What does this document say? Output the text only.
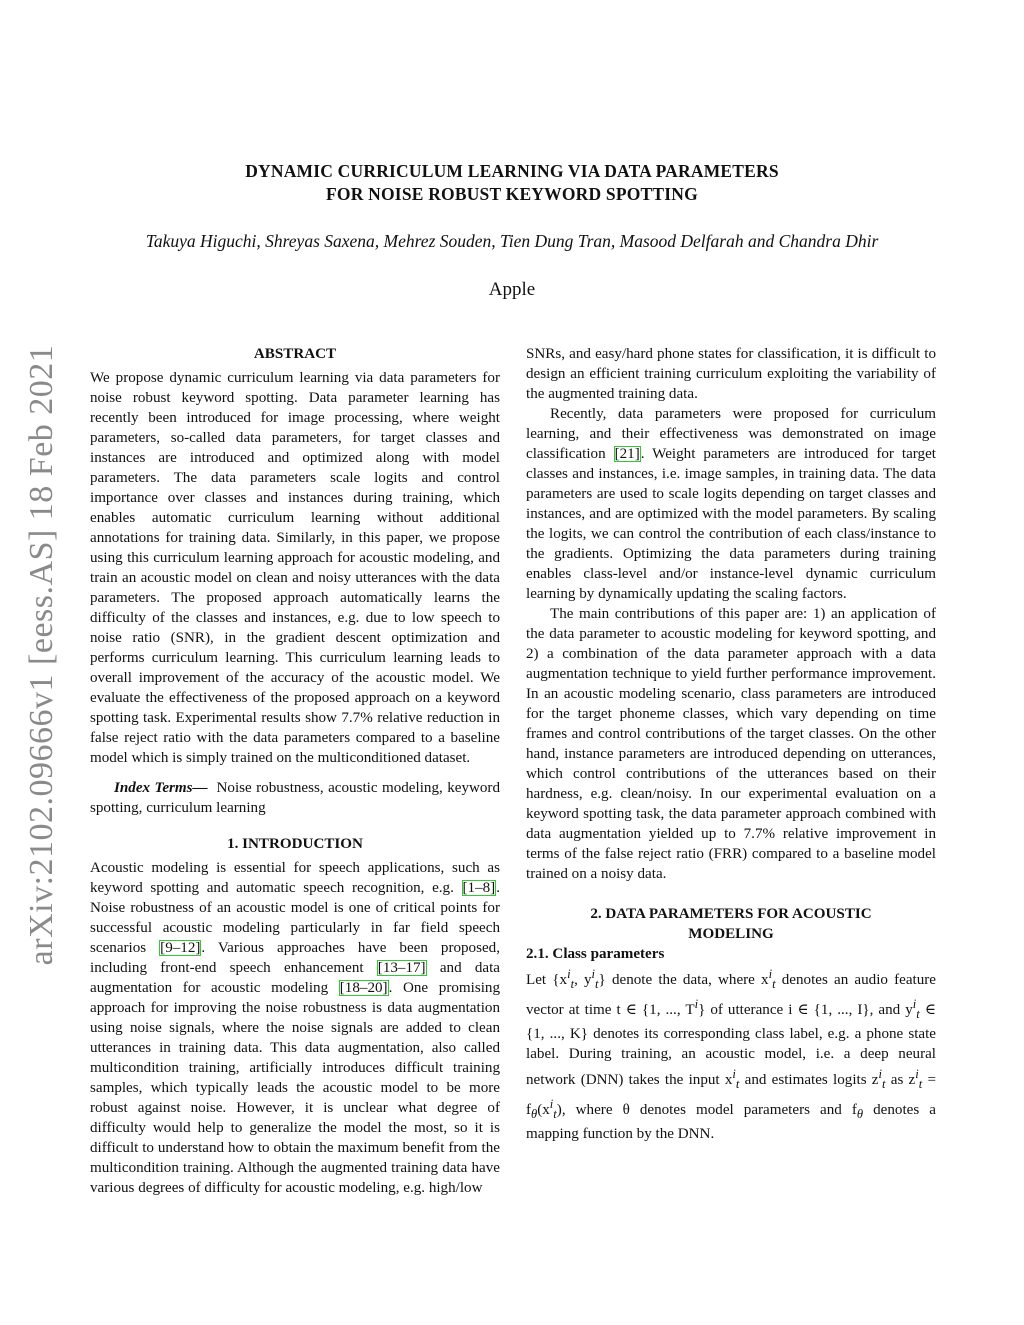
arXiv:2102.09666v1 [eess.AS] 18 Feb 2021
DYNAMIC CURRICULUM LEARNING VIA DATA PARAMETERS
FOR NOISE ROBUST KEYWORD SPOTTING
Takuya Higuchi, Shreyas Saxena, Mehrez Souden, Tien Dung Tran, Masood Delfarah and Chandra Dhir
Apple
ABSTRACT

We propose dynamic curriculum learning via data parameters for noise robust keyword spotting. Data parameter learning has recently been introduced for image processing, where weight parameters, so-called data parameters, for target classes and instances are introduced and optimized along with model parameters. The data parameters scale logits and control importance over classes and instances during training, which enables automatic curriculum learning without additional annotations for training data. Similarly, in this paper, we propose using this curriculum learning approach for acoustic modeling, and train an acoustic model on clean and noisy utterances with the data parameters. The proposed approach automatically learns the difficulty of the classes and instances, e.g. due to low speech to noise ratio (SNR), in the gradient descent optimization and performs curriculum learning. This curriculum learning leads to overall improvement of the accuracy of the acoustic model. We evaluate the effectiveness of the proposed approach on a keyword spotting task. Experimental results show 7.7% relative reduction in false reject ratio with the data parameters compared to a baseline model which is simply trained on the multiconditioned dataset.

Index Terms— Noise robustness, acoustic modeling, keyword spotting, curriculum learning

1. INTRODUCTION

Acoustic modeling is essential for speech applications, such as keyword spotting and automatic speech recognition, e.g. [1–8]. Noise robustness of an acoustic model is one of critical points for successful acoustic modeling particularly in far field speech scenarios [9–12]. Various approaches have been proposed, including front-end speech enhancement [13–17] and data augmentation for acoustic modeling [18–20]. One promising approach for improving the noise robustness is data augmentation using noise signals, where the noise signals are added to clean utterances in training data. This data augmentation, also called multicondition training, artificially introduces difficult training samples, which typically leads the acoustic model to be more robust against noise. However, it is unclear what degree of difficulty would help to generalize the model the most, so it is difficult to understand how to obtain the maximum benefit from the multicondition training. Although the augmented training data have various degrees of difficulty for acoustic modeling, e.g. high/low

Recently, data parameters were proposed for curriculum learning, and their effectiveness was demonstrated on image classification [21]. Weight parameters are introduced for target classes and instances, i.e. image samples, in training data. The data parameters are used to scale logits depending on target classes and instances, and are optimized with the model parameters. By scaling the logits, we can control the contribution of each class/instance to the gradients. Optimizing the data parameters during training enables class-level and/or instance-level dynamic curriculum learning by dynamically updating the scaling factors.

The main contributions of this paper are: 1) an application of the data parameter to acoustic modeling for keyword spotting, and 2) a combination of the data parameter approach with a data augmentation technique to yield further performance improvement. In an acoustic modeling scenario, class parameters are introduced for the target phoneme classes, which vary depending on time frames and control contributions of the target classes. On the other hand, instance parameters are introduced depending on utterances, which control contributions of the utterances based on their hardness, e.g. clean/noisy. In our experimental evaluation on a keyword spotting task, the data parameter approach combined with data augmentation yielded up to 7.7% relative improvement in terms of the false reject ratio (FRR) compared to a baseline model trained on a noisy data.

2. DATA PARAMETERS FOR ACOUSTIC
MODELING
2.1. Class parameters

Let {$x^i_t$, $y^i_t$} denote the data, where $x^i_t$ denotes an audio feature vector at time t ∈ {1, ..., $T^i$} of utterance i ∈ {1, ..., I}, and $y^i_t$ ∈ {1, ..., K} denotes its corresponding class label, e.g. a phone state label. During training, an acoustic model, i.e. a deep neural network (DNN) takes the input $x^i_t$ and estimates logits $z^i_t$ as $z^i_t = f_\theta(x^i_t)$, where θ denotes model parameters and $f_\theta$ denotes a mapping function by the DNN.

SNRs, and easy/hard phone states for classification, it is difficult to design an efficient training curriculum exploiting the variability of the augmented training data.
